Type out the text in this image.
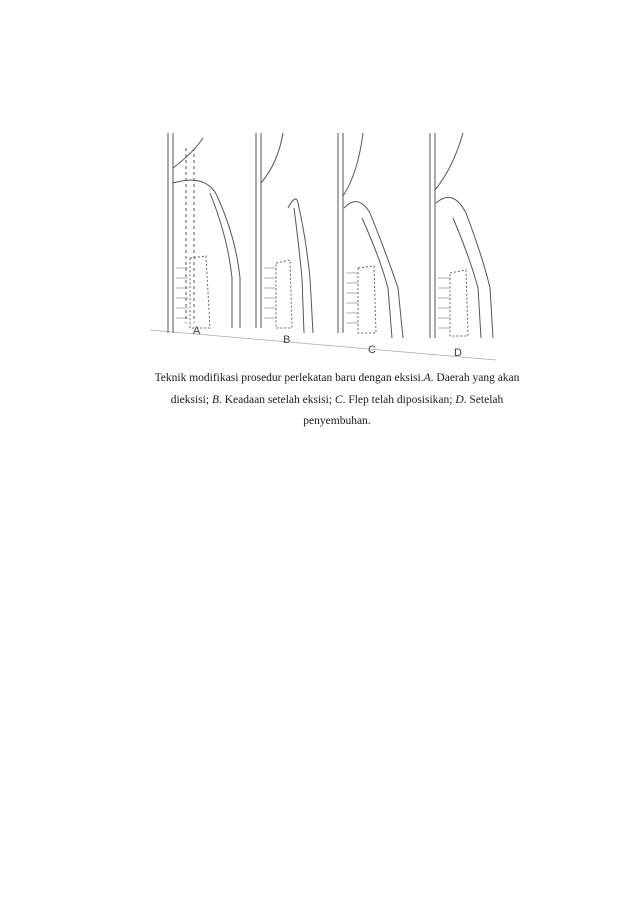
A
B
C	D
Teknik modifikasi prosedur perlekatan baru dengan eksisi.A. Daerah yang akan dieksisi; B. Keadaan setelah eksisi; C. Flep telah diposisikan; D. Setelah penyembuhan.
